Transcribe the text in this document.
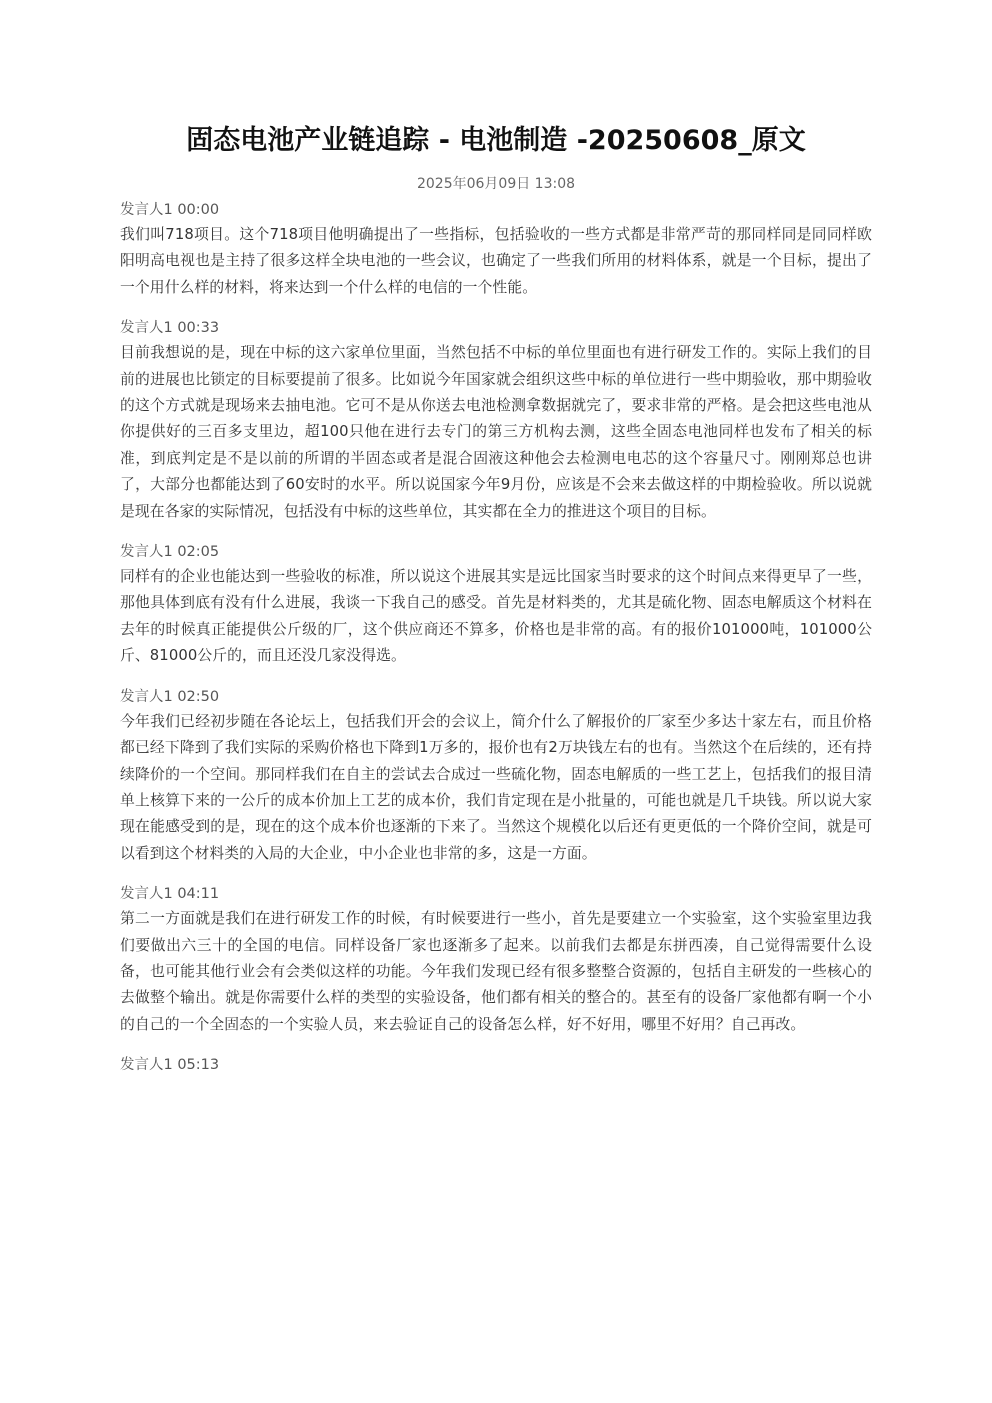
固态电池产业链追踪 - 电池制造 -20250608_原文
2025年06月09日 13:08
发言人1 00:00
我们叫718项目。这个718项目他明确提出了一些指标，包括验收的一些方式都是非常严苛的那同样同是同同样欧阳明高电视也是主持了很多这样全块电池的一些会议，也确定了一些我们所用的材料体系，就是一个目标，提出了一个用什么样的材料，将来达到一个什么样的电信的一个性能。
发言人1 00:33
目前我想说的是，现在中标的这六家单位里面，当然包括不中标的单位里面也有进行研发工作的。实际上我们的目前的进展也比锁定的目标要提前了很多。比如说今年国家就会组织这些中标的单位进行一些中期验收，那中期验收的这个方式就是现场来去抽电池。它可不是从你送去电池检测拿数据就完了，要求非常的严格。是会把这些电池从你提供好的三百多支里边，超100只他在进行去专门的第三方机构去测，这些全固态电池同样也发布了相关的标准，到底判定是不是以前的所谓的半固态或者是混合固液这种他会去检测电电芯的这个容量尺寸。刚刚郑总也讲了，大部分也都能达到了60安时的水平。所以说国家今年9月份，应该是不会来去做这样的中期检验收。所以说就是现在各家的实际情况，包括没有中标的这些单位，其实都在全力的推进这个项目的目标。
发言人1 02:05
同样有的企业也能达到一些验收的标准，所以说这个进展其实是远比国家当时要求的这个时间点来得更早了一些，那他具体到底有没有什么进展，我谈一下我自己的感受。首先是材料类的，尤其是硫化物、固态电解质这个材料在去年的时候真正能提供公斤级的厂，这个供应商还不算多，价格也是非常的高。有的报价101000吨，101000公斤、81000公斤的，而且还没几家没得选。
发言人1 02:50
今年我们已经初步随在各论坛上，包括我们开会的会议上，简介什么了解报价的厂家至少多达十家左右，而且价格都已经下降到了我们实际的采购价格也下降到1万多的，报价也有2万块钱左右的也有。当然这个在后续的，还有持续降价的一个空间。那同样我们在自主的尝试去合成过一些硫化物，固态电解质的一些工艺上，包括我们的报目清单上核算下来的一公斤的成本价加上工艺的成本价，我们肯定现在是小批量的，可能也就是几千块钱。所以说大家现在能感受到的是，现在的这个成本价也逐渐的下来了。当然这个规模化以后还有更更低的一个降价空间，就是可以看到这个材料类的入局的大企业，中小企业也非常的多，这是一方面。
发言人1 04:11
第二一方面就是我们在进行研发工作的时候，有时候要进行一些小，首先是要建立一个实验室，这个实验室里边我们要做出六三十的全国的电信。同样设备厂家也逐渐多了起来。以前我们去都是东拼西凑，自己觉得需要什么设备，也可能其他行业会有会类似这样的功能。今年我们发现已经有很多整整合资源的，包括自主研发的一些核心的去做整个输出。就是你需要什么样的类型的实验设备，他们都有相关的整合的。甚至有的设备厂家他都有啊一个小的自己的一个全固态的一个实验人员，来去验证自己的设备怎么样，好不好用，哪里不好用？自己再改。
发言人1 05:13
